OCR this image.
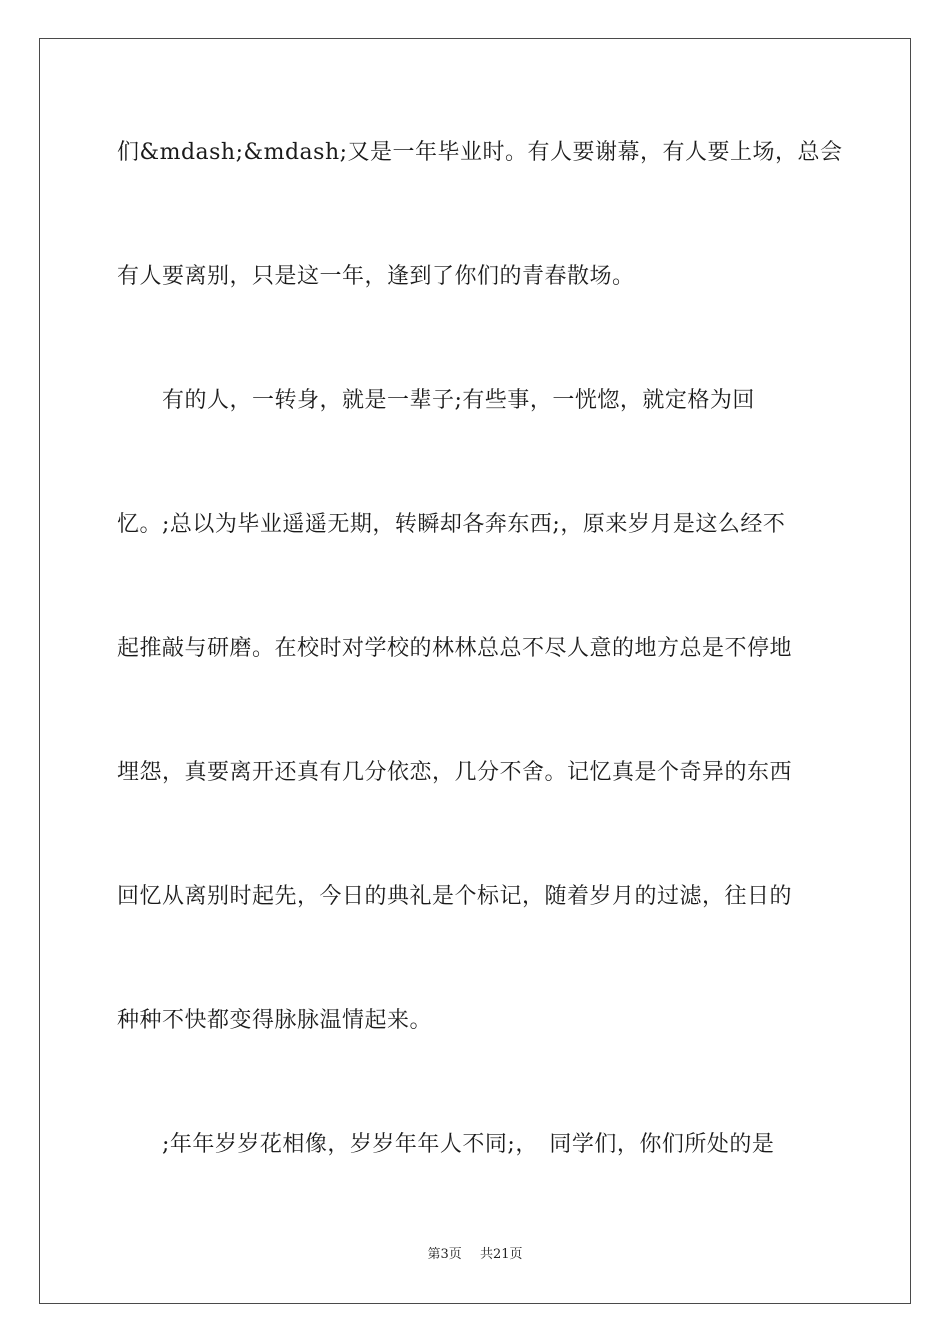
们&mdash;&mdash;又是一年毕业时。有人要谢幕，有人要上场，总会
有人要离别，只是这一年，逢到了你们的青春散场。
　　有的人，一转身，就是一辈子;有些事，一恍惚，就定格为回
忆。;总以为毕业遥遥无期，转瞬却各奔东西;，原来岁月是这么经不
起推敲与研磨。在校时对学校的林林总总不尽人意的地方总是不停地
埋怨，真要离开还真有几分依恋，几分不舍。记忆真是个奇异的东西
回忆从离别时起先，今日的典礼是个标记，随着岁月的过滤，往日的
种种不快都变得脉脉温情起来。
　　;年年岁岁花相像，岁岁年年人不同;，　同学们，你们所处的是
第3页 共21页
